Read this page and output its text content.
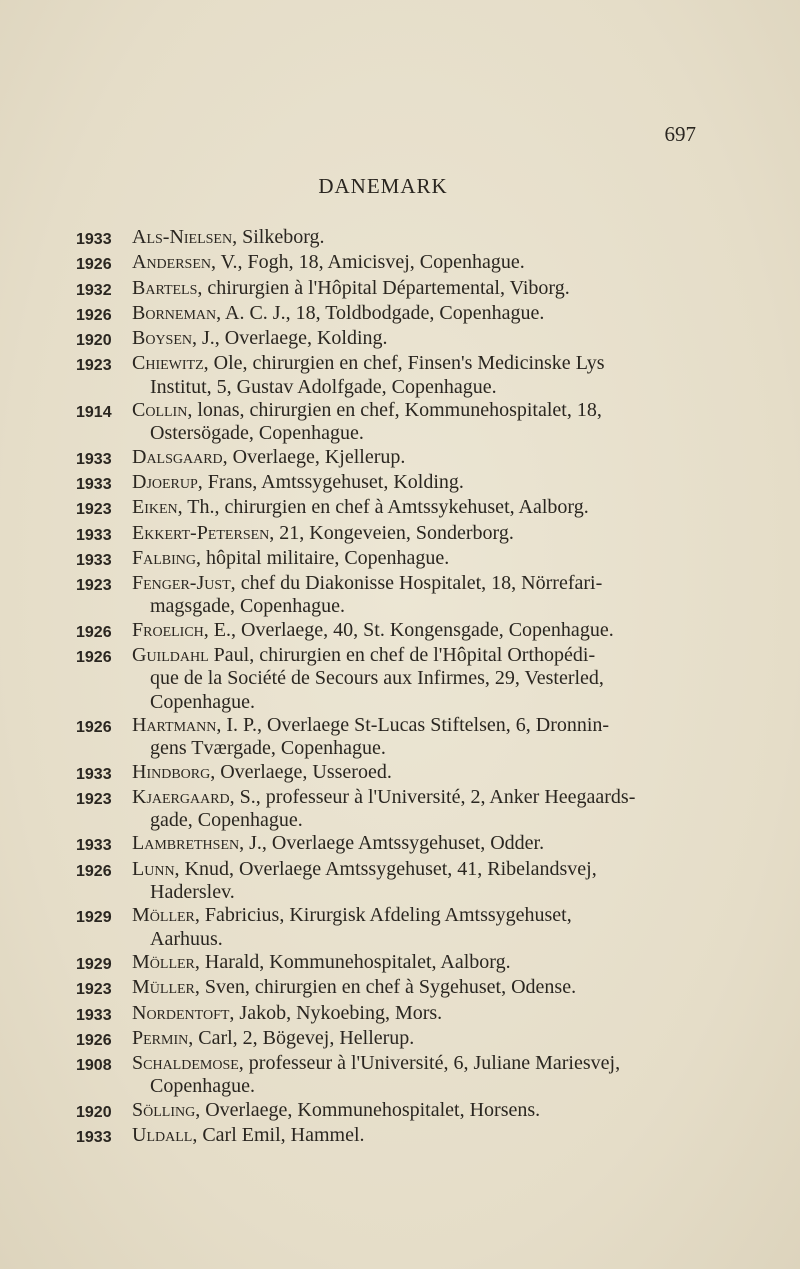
697
DANEMARK
1933	Als-Nielsen, Silkeborg.
1926	Andersen, V., Fogh, 18, Amicisvej, Copenhague.
1932	Bartels, chirurgien à l'Hôpital Départemental, Viborg.
1926	Borneman, A. C. J., 18, Toldbodgade, Copenhague.
1920	Boysen, J., Overlaege, Kolding.
1923	Chiewitz, Ole, chirurgien en chef, Finsen's Medicinske Lys
Institut, 5, Gustav Adolfgade, Copenhague.
1914	Collin, lonas, chirurgien en chef, Kommunehospitalet, 18,
Ostersögade, Copenhague.
1933	Dalsgaard, Overlaege, Kjellerup.
1933	Djoerup, Frans, Amtssygehuset, Kolding.
1923	Eiken, Th., chirurgien en chef à Amtssykehuset, Aalborg.
1933	Ekkert-Petersen, 21, Kongeveien, Sonderborg.
1933	Falbing, hôpital militaire, Copenhague.
1923	Fenger-Just, chef du Diakonisse Hospitalet, 18, Nörrefari-
magsgade, Copenhague.
1926	Froelich, E., Overlaege, 40, St. Kongensgade, Copenhague.
1926	Guildahl Paul, chirurgien en chef de l'Hôpital Orthopédi-
que de la Société de Secours aux Infirmes, 29, Vesterled,
Copenhague.
1926	Hartmann, I. P., Overlaege St-Lucas Stiftelsen, 6, Dronnin-
gens Tværgade, Copenhague.
1933	Hindborg, Overlaege, Usseroed.
1923	Kjaergaard, S., professeur à l'Université, 2, Anker Heegaards-
gade, Copenhague.
1933	Lambrethsen, J., Overlaege Amtssygehuset, Odder.
1926	Lunn, Knud, Overlaege Amtssygehuset, 41, Ribelandsvej,
Haderslev.
1929	Möller, Fabricius, Kirurgisk Afdeling Amtssygehuset,
Aarhuus.
1929	Möller, Harald, Kommunehospitalet, Aalborg.
1923	Müller, Sven, chirurgien en chef à Sygehuset, Odense.
1933	Nordentoft, Jakob, Nykoebing, Mors.
1926	Permin, Carl, 2, Bögevej, Hellerup.
1908	Schaldemose, professeur à l'Université, 6, Juliane Mariesvej,
Copenhague.
1920	Sölling, Overlaege, Kommunehospitalet, Horsens.
1933	Uldall, Carl Emil, Hammel.
